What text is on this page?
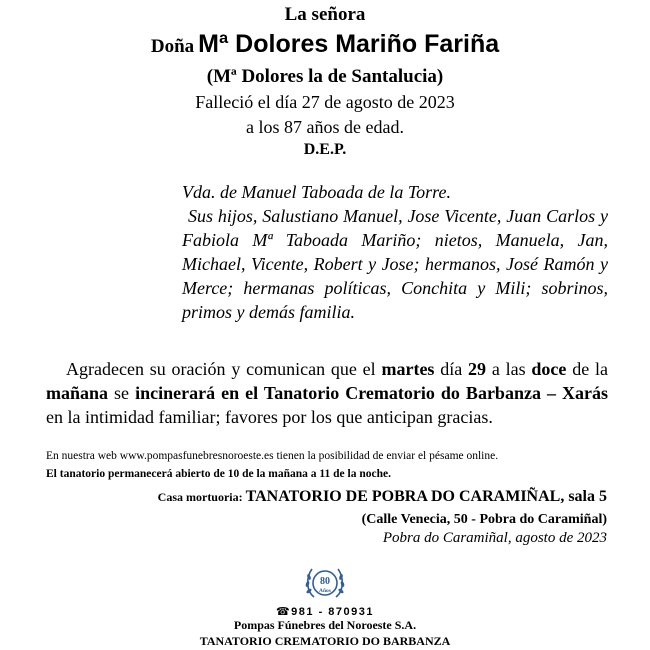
La señora
Doña Mª Dolores Mariño Fariña
(Mª Dolores la de Santalucia)
Falleció el día 27 de agosto de 2023
a los 87 años de edad.
D.E.P.
Vda. de Manuel Taboada de la Torre.
Sus hijos, Salustiano Manuel, Jose Vicente, Juan Carlos y Fabiola Mª Taboada Mariño; nietos, Manuela, Jan, Michael, Vicente, Robert y Jose; hermanos, José Ramón y Merce; hermanas políticas, Conchita y Mili; sobrinos, primos y demás familia.
Agradecen su oración y comunican que el martes día 29 a las doce de la mañana se incinerará en el Tanatorio Crematorio do Barbanza – Xarás en la intimidad familiar; favores por los que anticipan gracias.
En nuestra web www.pompasfunebresnoroeste.es tienen la posibilidad de enviar el pésame online.
El tanatorio permanecerá abierto de 10 de la mañana a 11 de la noche.
Casa mortuoria: TANATORIO DE POBRA DO CARAMIÑAL, sala 5
(Calle Venecia, 50 - Pobra do Caramiñal)
Pobra do Caramiñal, agosto de 2023
80
Años
☎981 - 870931
Pompas Fúnebres del Noroeste S.A.
TANATORIO CREMATORIO DO BARBANZA
